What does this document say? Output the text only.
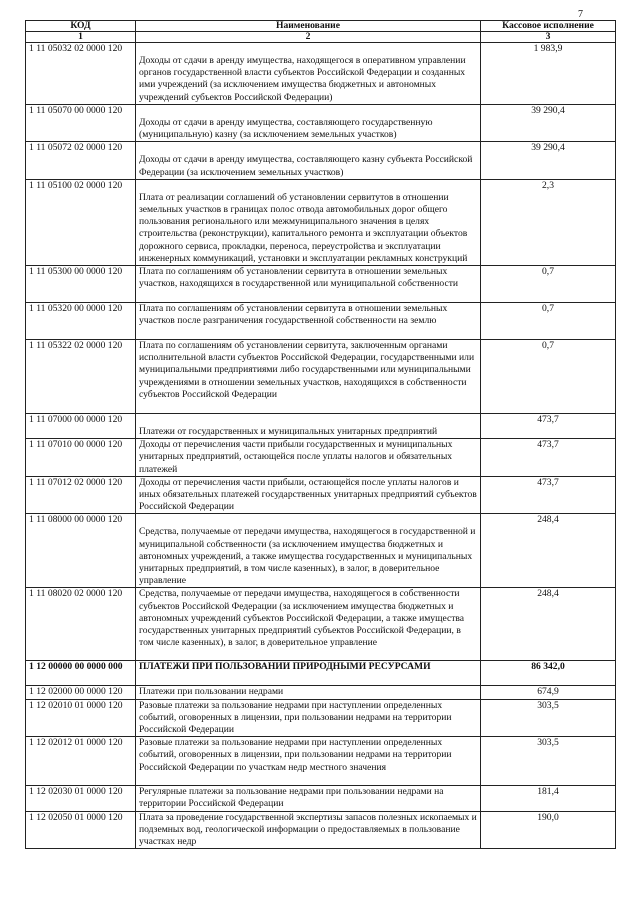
7
КОД	Наименование	Кассовое исполнение
1	2	3
1 11 05032 02 0000 120	Доходы от сдачи в аренду имущества, находящегося в оперативном управлении органов государственной власти субъектов Российской Федерации и созданных ими учреждений (за исключением имущества бюджетных и автономных учреждений субъектов Российской Федерации)	1 983,9
1 11 05070 00 0000 120	Доходы от сдачи в аренду имущества, составляющего государственную (муниципальную) казну (за исключением земельных участков)	39 290,4
1 11 05072 02 0000 120	Доходы от сдачи в аренду имущества, составляющего казну субъекта Российской Федерации (за исключением земельных участков)	39 290,4
1 11 05100 02 0000 120	Плата от реализации соглашений об установлении сервитутов в отношении земельных участков в границах полос отвода автомобильных дорог общего пользования регионального или межмуниципального значения в целях строительства (реконструкции), капитального ремонта и эксплуатации объектов дорожного сервиса, прокладки, переноса, переустройства и эксплуатации инженерных коммуникаций, установки и эксплуатации рекламных конструкций	2,3
1 11 05300 00 0000 120	Плата по соглашениям об установлении сервитута в отношении земельных участков, находящихся в государственной или муниципальной собственности	0,7
1 11 05320 00 0000 120	Плата по соглашениям об установлении сервитута в отношении земельных участков после разграничения государственной собственности на землю	0,7
1 11 05322 02 0000 120	Плата по соглашениям об установлении сервитута, заключенным органами исполнительной власти субъектов Российской Федерации, государственными или муниципальными предприятиями либо государственными или муниципальными учреждениями в отношении земельных участков, находящихся в собственности субъектов Российской Федерации	0,7
1 11 07000 00 0000 120	Платежи от государственных и муниципальных унитарных предприятий	473,7
1 11 07010 00 0000 120	Доходы от перечисления части прибыли государственных и муниципальных унитарных предприятий, остающейся после уплаты налогов и обязательных платежей	473,7
1 11 07012 02 0000 120	Доходы от перечисления части прибыли, остающейся после уплаты налогов и иных обязательных платежей государственных унитарных предприятий субъектов Российской Федерации	473,7
1 11 08000 00 0000 120	Средства, получаемые от передачи имущества, находящегося в государственной и муниципальной собственности (за исключением имущества бюджетных и автономных учреждений, а также имущества государственных и муниципальных унитарных предприятий, в том числе казенных), в залог, в доверительное управление	248,4
1 11 08020 02 0000 120	Средства, получаемые от передачи имущества, находящегося в собственности субъектов Российской Федерации (за исключением имущества бюджетных и автономных учреждений субъектов Российской Федерации, а также имущества государственных унитарных предприятий субъектов Российской Федерации, в том числе казенных), в залог, в доверительное управление	248,4
1 12 00000 00 0000 000	ПЛАТЕЖИ ПРИ ПОЛЬЗОВАНИИ ПРИРОДНЫМИ РЕСУРСАМИ	86 342,0
1 12 02000 00 0000 120	Платежи при пользовании недрами	674,9
1 12 02010 01 0000 120	Разовые платежи за пользование недрами при наступлении определенных событий, оговоренных в лицензии, при пользовании недрами на территории Российской Федерации	303,5
1 12 02012 01 0000 120	Разовые платежи за пользование недрами при наступлении определенных событий, оговоренных в лицензии, при пользовании недрами на территории Российской Федерации по участкам недр местного значения	303,5
1 12 02030 01 0000 120	Регулярные платежи за пользование недрами при пользовании недрами на территории Российской Федерации	181,4
1 12 02050 01 0000 120	Плата за проведение государственной экспертизы запасов полезных ископаемых и подземных вод, геологической информации о предоставляемых в пользование участках недр	190,0
